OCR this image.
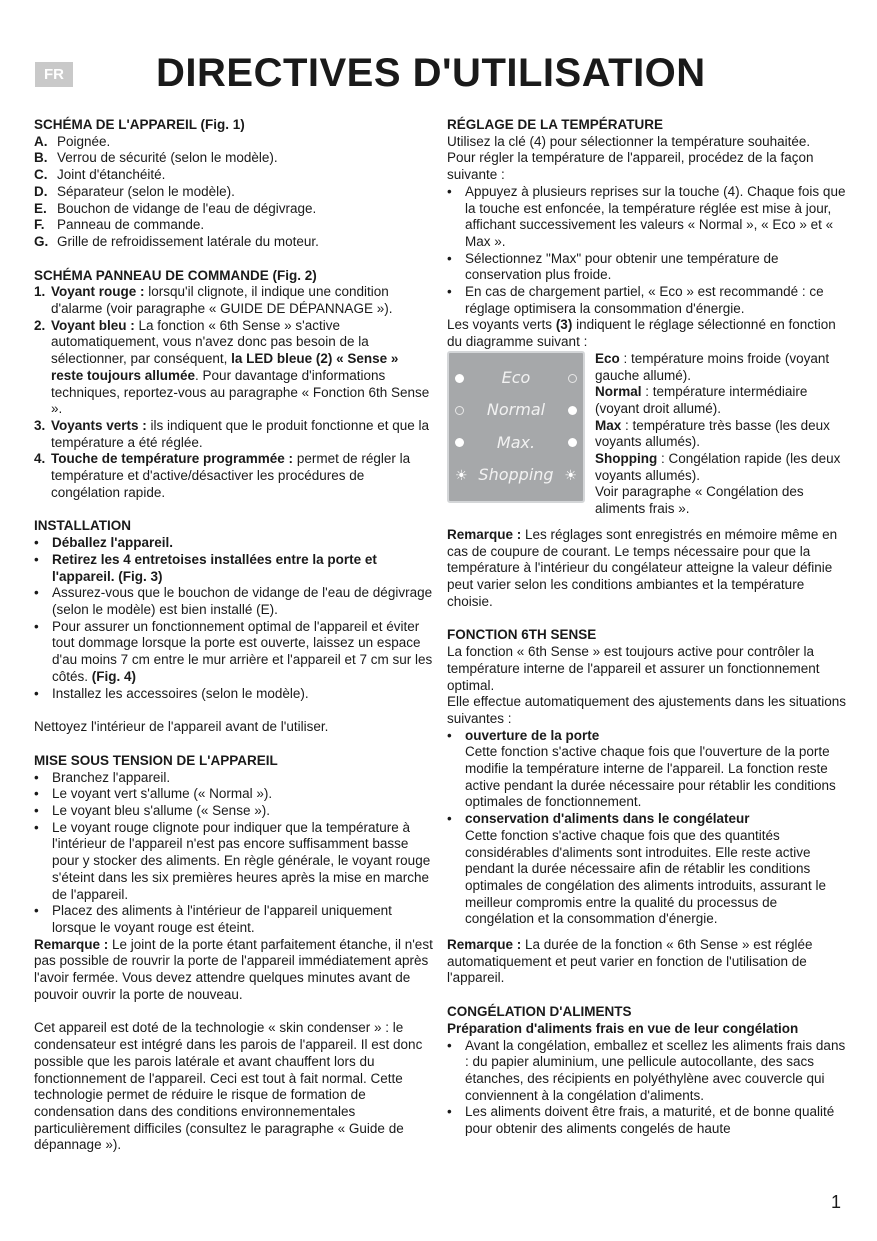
FR DIRECTIVES D'UTILISATION

SCHÉMA DE L'APPAREIL (Fig. 1)

A. Poignée.
B. Verrou de sécurité (selon le modèle).
C. Joint d'étanchéité.
D. Séparateur (selon le modèle).
E. Bouchon de vidange de l'eau de dégivrage.
F. Panneau de commande.
G. Grille de refroidissement latérale du moteur.

SCHÉMA PANNEAU DE COMMANDE (Fig. 2)

1. Voyant rouge : lorsqu'il clignote, il indique une condition d'alarme (voir paragraphe « GUIDE DE DÉPANNAGE »).
2. Voyant bleu : La fonction « 6th Sense » s'active automatiquement, vous n'avez donc pas besoin de la sélectionner, par conséquent, la LED bleue (2) « Sense » reste toujours allumée. Pour davantage d'informations techniques, reportez-vous au paragraphe « Fonction 6th Sense ».
3. Voyants verts : ils indiquent que le produit fonctionne et que la température a été réglée.
4. Touche de température programmée : permet de régler la température et d'active/désactiver les procédures de congélation rapide.

INSTALLATION

• Déballez l'appareil.
• Retirez les 4 entretoises installées entre la porte et l'appareil. (Fig. 3)
• Assurez-vous que le bouchon de vidange de l'eau de dégivrage (selon le modèle) est bien installé (E).
• Pour assurer un fonctionnement optimal de l'appareil et éviter tout dommage lorsque la porte est ouverte, laissez un espace d'au moins 7 cm entre le mur arrière et l'appareil et 7 cm sur les côtés. (Fig. 4)
• Installez les accessoires (selon le modèle).

Nettoyez l'intérieur de l'appareil avant de l'utiliser.

MISE SOUS TENSION DE L'APPAREIL

• Branchez l'appareil.
• Le voyant vert s'allume (« Normal »).
• Le voyant bleu s'allume (« Sense »).
• Le voyant rouge clignote pour indiquer que la température à l'intérieur de l'appareil n'est pas encore suffisamment basse pour y stocker des aliments. En règle générale, le voyant rouge s'éteint dans les six premières heures après la mise en marche de l'appareil.
• Placez des aliments à l'intérieur de l'appareil uniquement lorsque le voyant rouge est éteint.

Remarque : Le joint de la porte étant parfaitement étanche, il n'est pas possible de rouvrir la porte de l'appareil immédiatement après l'avoir fermée. Vous devez attendre quelques minutes avant de pouvoir ouvrir la porte de nouveau.

Cet appareil est doté de la technologie « skin condenser » : le condensateur est intégré dans les parois de l'appareil. Il est donc possible que les parois latérale et avant chauffent lors du fonctionnement de l'appareil. Ceci est tout à fait normal. Cette technologie permet de réduire le risque de formation de condensation dans des conditions environnementales particulièrement difficiles (consultez le paragraphe « Guide de dépannage »).

RÉGLAGE DE LA TEMPÉRATURE

Utilisez la clé (4) pour sélectionner la température souhaitée.

Pour régler la température de l'appareil, procédez de la façon suivante :

• Appuyez à plusieurs reprises sur la touche (4). Chaque fois que la touche est enfoncée, la température réglée est mise à jour, affichant successivement les valeurs « Normal », « Eco » et « Max ».
• Sélectionnez "Max" pour obtenir une température de conservation plus froide.
• En cas de chargement partiel, « Eco » est recommandé : ce réglage optimisera la consommation d'énergie.

Les voyants verts (3) indiquent le réglage sélectionné en fonction du diagramme suivant :

Eco
Normal
Max.
☀ Shopping ☀

Eco : température moins froide (voyant gauche allumé).

Normal : température intermédiaire (voyant droit allumé).

Max : température très basse (les deux voyants allumés).

Shopping : Congélation rapide (les deux voyants allumés).

Voir paragraphe « Congélation des aliments frais ».

Remarque : Les réglages sont enregistrés en mémoire même en cas de coupure de courant. Le temps nécessaire pour que la température à l'intérieur du congélateur atteigne la valeur définie peut varier selon les conditions ambiantes et la température choisie.

FONCTION 6TH SENSE

La fonction « 6th Sense » est toujours active pour contrôler la température interne de l'appareil et assurer un fonctionnement optimal.

Elle effectue automatiquement des ajustements dans les situations suivantes :

• ouverture de la porte

Cette fonction s'active chaque fois que l'ouverture de la porte modifie la température interne de l'appareil. La fonction reste active pendant la durée nécessaire pour rétablir les conditions optimales de fonctionnement.

• conservation d'aliments dans le congélateur

Cette fonction s'active chaque fois que des quantités considérables d'aliments sont introduites. Elle reste active pendant la durée nécessaire afin de rétablir les conditions optimales de congélation des aliments introduits, assurant le meilleur compromis entre la qualité du processus de congélation et la consommation d'énergie.

Remarque : La durée de la fonction « 6th Sense » est réglée automatiquement et peut varier en fonction de l'utilisation de l'appareil.

CONGÉLATION D'ALIMENTS

Préparation d'aliments frais en vue de leur congélation

• Avant la congélation, emballez et scellez les aliments frais dans : du papier aluminium, une pellicule autocollante, des sacs étanches, des récipients en polyéthylène avec couvercle qui conviennent à la congélation d'aliments.
• Les aliments doivent être frais, a maturité, et de bonne qualité pour obtenir des aliments congelés de haute
1
